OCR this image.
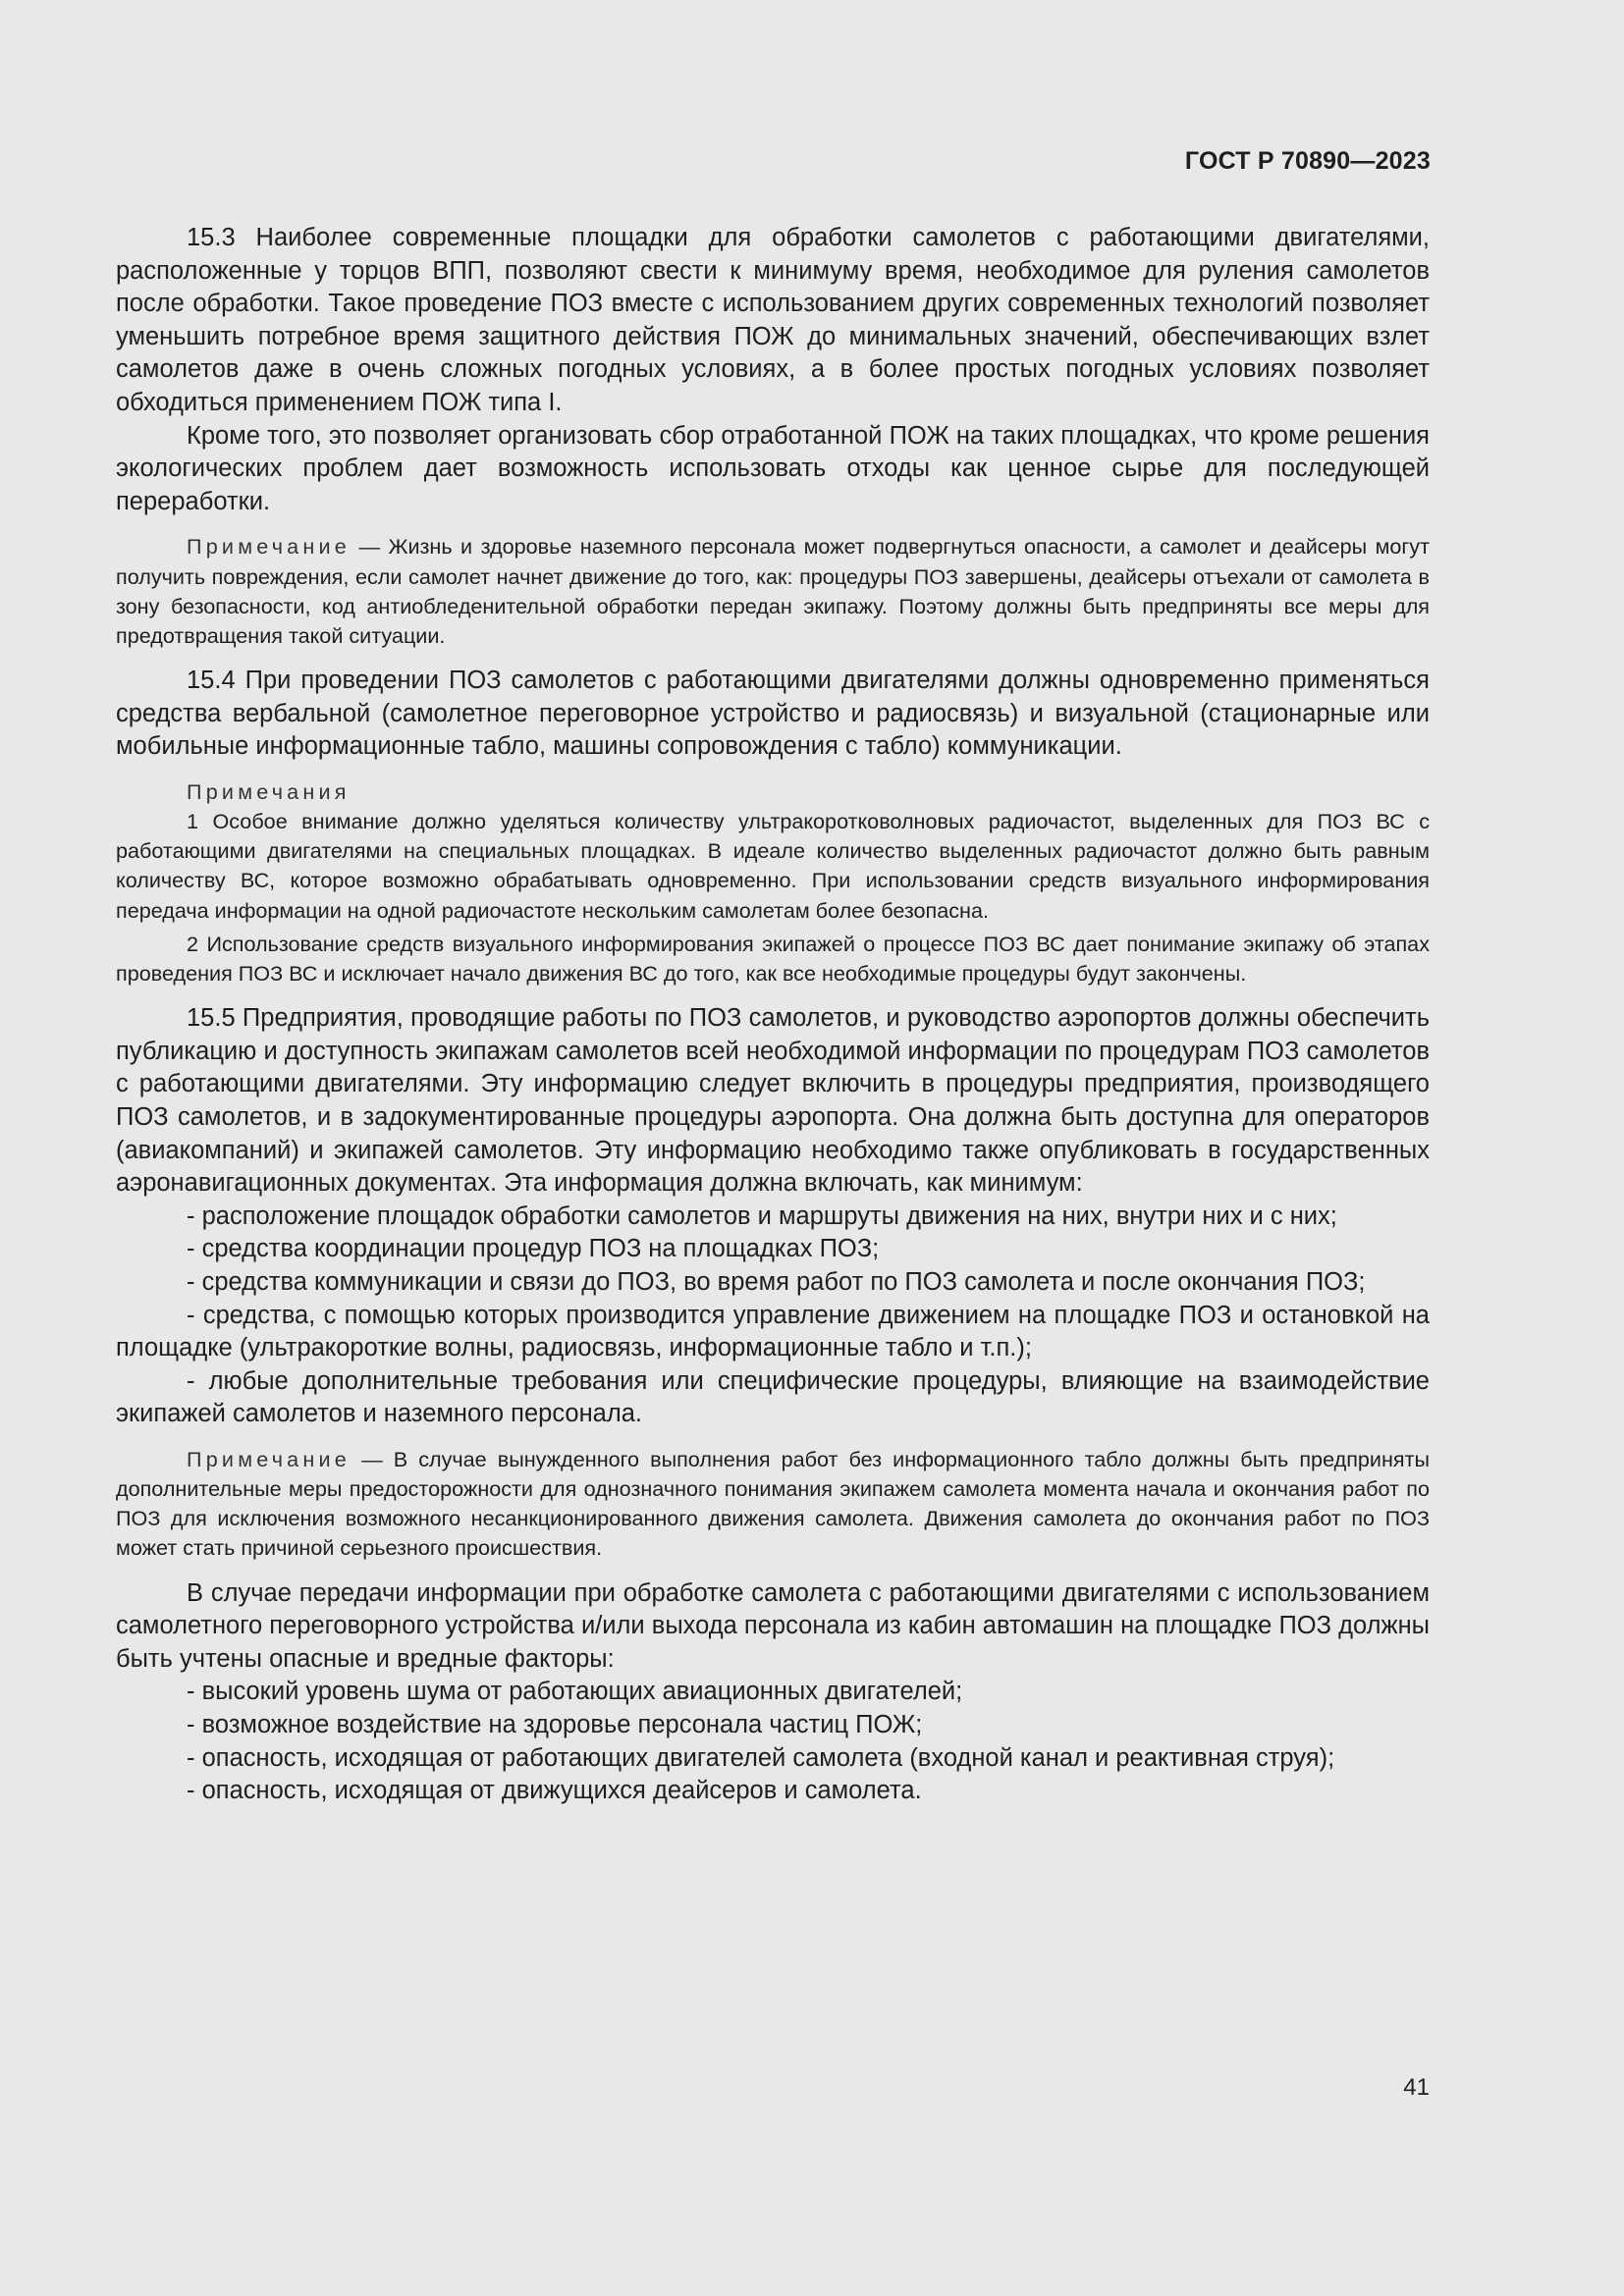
ГОСТ Р 70890—2023

15.3 Наиболее современные площадки для обработки самолетов с работающими двигателями, расположенные у торцов ВПП, позволяют свести к минимуму время, необходимое для руления самолетов после обработки. Такое проведение ПОЗ вместе с использованием других современных технологий позволяет уменьшить потребное время защитного действия ПОЖ до минимальных значений, обеспечивающих взлет самолетов даже в очень сложных погодных условиях, а в более простых погодных условиях позволяет обходиться применением ПОЖ типа I.

Кроме того, это позволяет организовать сбор отработанной ПОЖ на таких площадках, что кроме решения экологических проблем дает возможность использовать отходы как ценное сырье для последующей переработки.

Примечание — Жизнь и здоровье наземного персонала может подвергнуться опасности, а самолет и деайсеры могут получить повреждения, если самолет начнет движение до того, как: процедуры ПОЗ завершены, деайсеры отъехали от самолета в зону безопасности, код антиобледенительной обработки передан экипажу. Поэтому должны быть предприняты все меры для предотвращения такой ситуации.

15.4 При проведении ПОЗ самолетов с работающими двигателями должны одновременно применяться средства вербальной (самолетное переговорное устройство и радиосвязь) и визуальной (стационарные или мобильные информационные табло, машины сопровождения с табло) коммуникации.

Примечания

1 Особое внимание должно уделяться количеству ультракоротковолновых радиочастот, выделенных для ПОЗ ВС с работающими двигателями на специальных площадках. В идеале количество выделенных радиочастот должно быть равным количеству ВС, которое возможно обрабатывать одновременно. При использовании средств визуального информирования передача информации на одной радиочастоте нескольким самолетам более безопасна.

2 Использование средств визуального информирования экипажей о процессе ПОЗ ВС дает понимание экипажу об этапах проведения ПОЗ ВС и исключает начало движения ВС до того, как все необходимые процедуры будут закончены.

15.5 Предприятия, проводящие работы по ПОЗ самолетов, и руководство аэропортов должны обеспечить публикацию и доступность экипажам самолетов всей необходимой информации по процедурам ПОЗ самолетов с работающими двигателями. Эту информацию следует включить в процедуры предприятия, производящего ПОЗ самолетов, и в задокументированные процедуры аэропорта. Она должна быть доступна для операторов (авиакомпаний) и экипажей самолетов. Эту информацию необходимо также опубликовать в государственных аэронавигационных документах. Эта информация должна включать, как минимум:

- расположение площадок обработки самолетов и маршруты движения на них, внутри них и с них;

- средства координации процедур ПОЗ на площадках ПОЗ;

- средства коммуникации и связи до ПОЗ, во время работ по ПОЗ самолета и после окончания ПОЗ;

- средства, с помощью которых производится управление движением на площадке ПОЗ и остановкой на площадке (ультракороткие волны, радиосвязь, информационные табло и т.п.);

- любые дополнительные требования или специфические процедуры, влияющие на взаимодействие экипажей самолетов и наземного персонала.

Примечание — В случае вынужденного выполнения работ без информационного табло должны быть предприняты дополнительные меры предосторожности для однозначного понимания экипажем самолета момента начала и окончания работ по ПОЗ для исключения возможного несанкционированного движения самолета. Движения самолета до окончания работ по ПОЗ может стать причиной серьезного происшествия.

В случае передачи информации при обработке самолета с работающими двигателями с использованием самолетного переговорного устройства и/или выхода персонала из кабин автомашин на площадке ПОЗ должны быть учтены опасные и вредные факторы:

- высокий уровень шума от работающих авиационных двигателей;

- возможное воздействие на здоровье персонала частиц ПОЖ;

- опасность, исходящая от работающих двигателей самолета (входной канал и реактивная струя);

- опасность, исходящая от движущихся деайсеров и самолета.

41
